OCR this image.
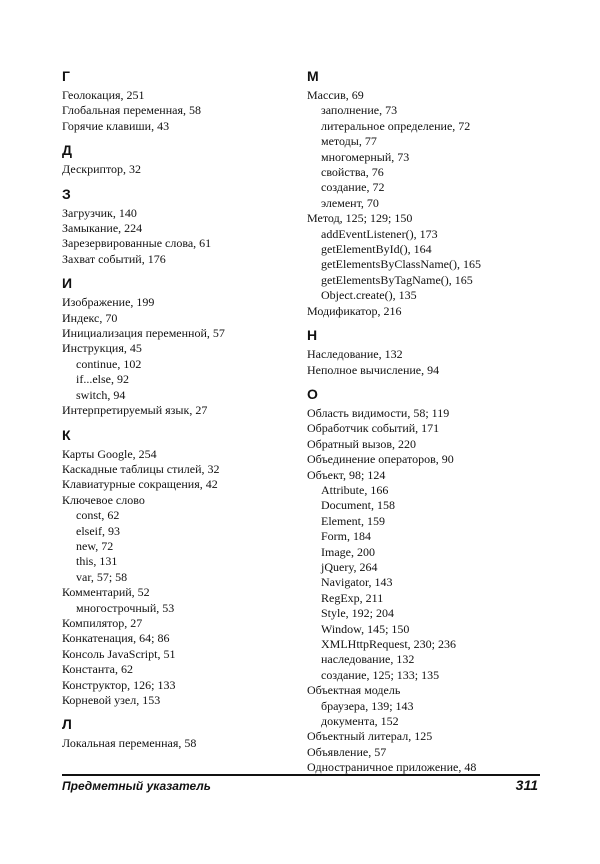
Г
Геолокация, 251
Глобальная переменная, 58
Горячие клавиши, 43
Д
Дескриптор, 32
З
Загрузчик, 140
Замыкание, 224
Зарезервированные слова, 61
Захват событий, 176
И
Изображение, 199
Индекс, 70
Инициализация переменной, 57
Инструкция, 45
continue, 102
if...else, 92
switch, 94
Интерпретируемый язык, 27
К
Карты Google, 254
Каскадные таблицы стилей, 32
Клавиатурные сокращения, 42
Ключевое слово
const, 62
elseif, 93
new, 72
this, 131
var, 57; 58
Комментарий, 52
многострочный, 53
Компилятор, 27
Конкатенация, 64; 86
Консоль JavaScript, 51
Константа, 62
Конструктор, 126; 133
Корневой узел, 153
Л
Локальная переменная, 58
М
Массив, 69
заполнение, 73
литеральное определение, 72
методы, 77
многомерный, 73
свойства, 76
создание, 72
элемент, 70
Метод, 125; 129; 150
addEventListener(), 173
getElementById(), 164
getElementsByClassName(), 165
getElementsByTagName(), 165
Object.create(), 135
Модификатор, 216
Н
Наследование, 132
Неполное вычисление, 94
О
Область видимости, 58; 119
Обработчик событий, 171
Обратный вызов, 220
Объединение операторов, 90
Объект, 98; 124
Attribute, 166
Document, 158
Element, 159
Form, 184
Image, 200
jQuery, 264
Navigator, 143
RegExp, 211
Style, 192; 204
Window, 145; 150
XMLHttpRequest, 230; 236
наследование, 132
создание, 125; 133; 135
Объектная модель
браузера, 139; 143
документа, 152
Объектный литерал, 125
Объявление, 57
Одностраничное приложение, 48
Предметный указатель	311
